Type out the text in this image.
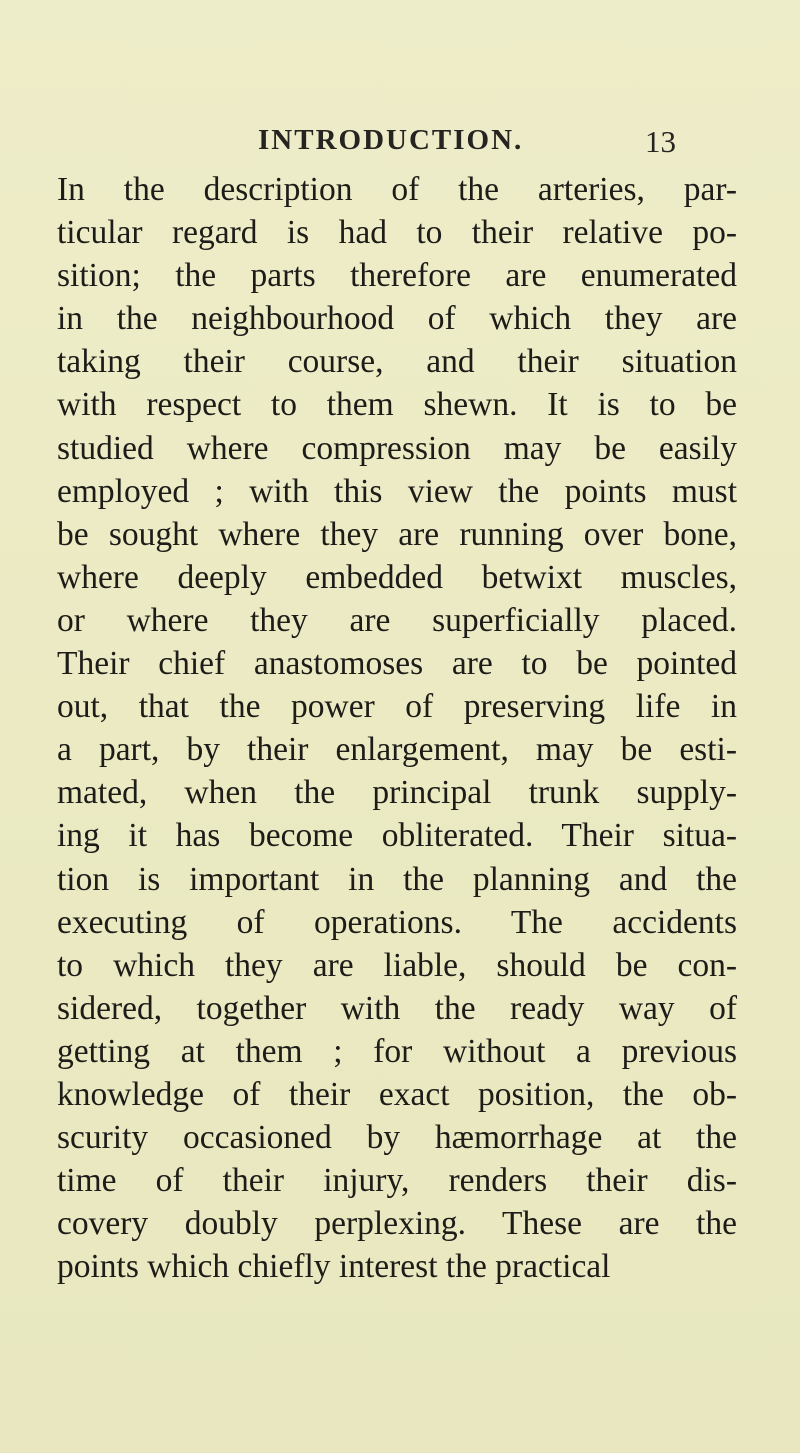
INTRODUCTION.	13
In the description of the arteries, par-
ticular regard is had to their relative po-
sition; the parts therefore are enumerated
in the neighbourhood of which they are
taking their course, and their situation
with respect to them shewn. It is to be
studied where compression may be easily
employed ; with this view the points must
be sought where they are running over bone,
where deeply embedded betwixt muscles,
or where they are superficially placed.
Their chief anastomoses are to be pointed
out, that the power of preserving life in
a part, by their enlargement, may be esti-
mated, when the principal trunk supply-
ing it has become obliterated. Their situa-
tion is important in the planning and the
executing of operations. The accidents
to which they are liable, should be con-
sidered, together with the ready way of
getting at them ; for without a previous
knowledge of their exact position, the ob-
scurity occasioned by hæmorrhage at the
time of their injury, renders their dis-
covery doubly perplexing. These are the
points which chiefly interest the practical
